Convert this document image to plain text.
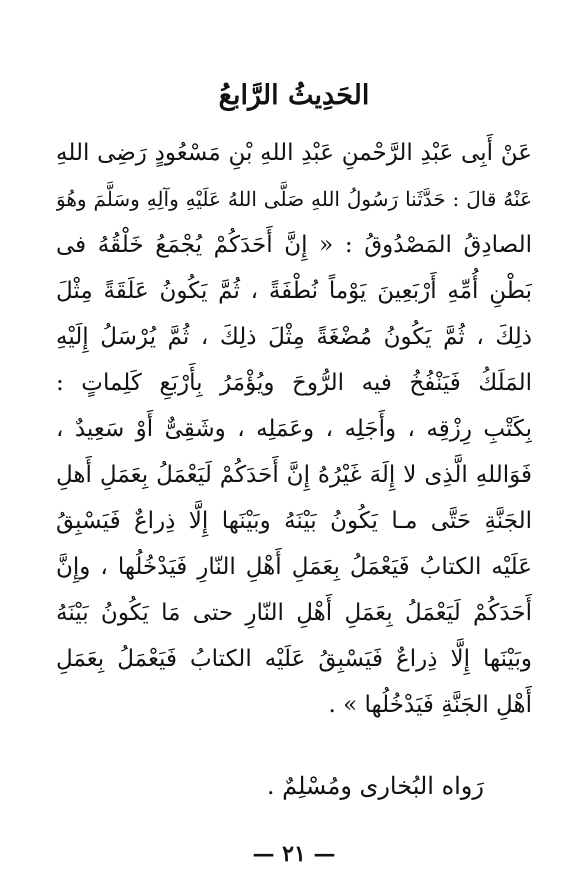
الحَدِيثُ الرَّابعُ
عَنْ أَبِى عَبْدِ الرَّحْمنِ عَبْدِ اللهِ بْنِ مَسْعُودٍ رَضِى اللهِ
عَنْهُ قالَ : حَدَّثَنا رَسُولُ اللهِ صَلَّى اللهُ عَلَيْهِ وآلِهِ وسَلَّمَ وهُوَ
الصادِقُ المَصْدُوقُ : « إِنَّ أَحَدَكُمْ يُجْمَعُ خَلْقُهُ فى
بَطْنِ أُمِّهِ أَرْبَعِينَ يَوْماً نُطْفَةً ، ثُمَّ يَكُونُ عَلَقَةً مِثْلَ
ذلِكَ ، ثُمَّ يَكُونُ مُضْغَةً مِثْلَ ذلِكَ ، ثُمَّ يُرْسَلُ إِلَيْهِ
المَلَكُ فَيَنْفُخُ فيه الرُّوحَ ويُؤْمَرُ بِأَرْبَعِ كَلِماتٍ :
بِكَتْبِ رِزْقِه ، وأَجَلِه ، وعَمَلِه ، وشَقِىٌّ أَوْ سَعِيدٌ ،
فَوَاللهِ الَّذِى لا إِلَهَ غَيْرُهُ إِنَّ أَحَدَكُمْ لَيَعْمَلُ بِعَمَلِ أَهلِ
الجَنَّةِ حَتَّى مـا يَكُونُ بَيْنَهُ وبَيْنَها إِلَّا ذِراعٌ فَيَسْبِقُ
عَلَيْه الكتابُ فَيَعْمَلُ بِعَمَلِ أَهْلِ النّارِ فَيَدْخُلُها ، وإِنَّ
أَحَدَكُمْ لَيَعْمَلُ بِعَمَلِ أَهْلِ النّارِ حتى مَا يَكُونُ بَيْنَهُ
وبَيْنَها إِلَّا ذِراعٌ فَيَسْبِقُ عَلَيْه الكتابُ فَيَعْمَلُ بِعَمَلِ
أَهْلِ الجَنَّةِ فَيَدْخُلُها » .
رَواه البُخارى ومُسْلِمٌ .
— ٢١ —
